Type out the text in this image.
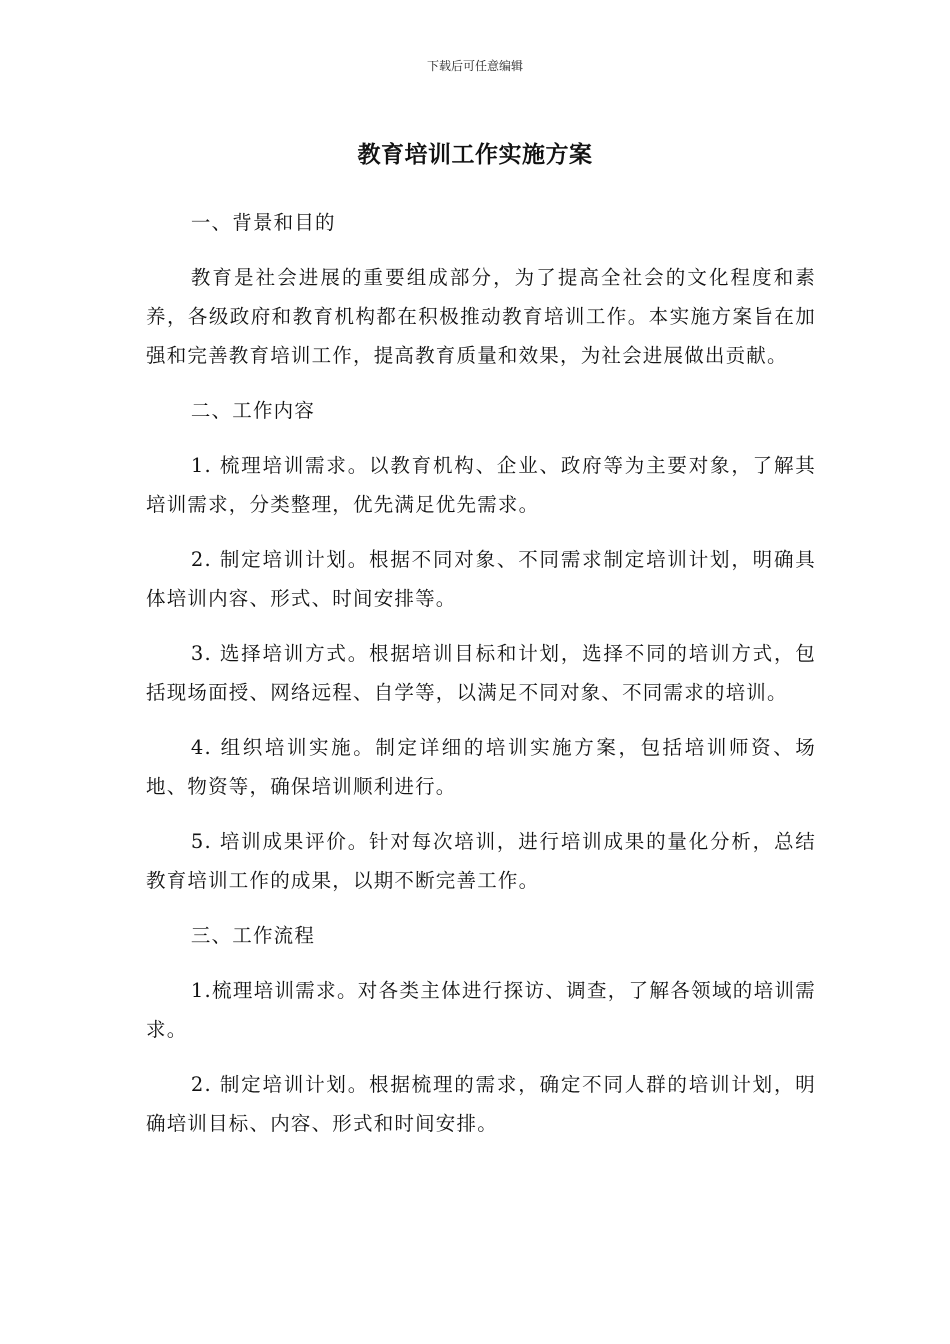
下载后可任意编辑
教育培训工作实施方案

一、背景和目的

教育是社会进展的重要组成部分，为了提高全社会的文化程度和素养，各级政府和教育机构都在积极推动教育培训工作。本实施方案旨在加强和完善教育培训工作，提高教育质量和效果，为社会进展做出贡献。

二、工作内容

1. 梳理培训需求。以教育机构、企业、政府等为主要对象，了解其培训需求，分类整理，优先满足优先需求。

2. 制定培训计划。根据不同对象、不同需求制定培训计划，明确具体培训内容、形式、时间安排等。

3. 选择培训方式。根据培训目标和计划，选择不同的培训方式，包括现场面授、网络远程、自学等，以满足不同对象、不同需求的培训。

4. 组织培训实施。制定详细的培训实施方案，包括培训师资、场地、物资等，确保培训顺利进行。

5. 培训成果评价。针对每次培训，进行培训成果的量化分析，总结教育培训工作的成果，以期不断完善工作。

三、工作流程

1.梳理培训需求。对各类主体进行探访、调查，了解各领域的培训需求。

2. 制定培训计划。根据梳理的需求，确定不同人群的培训计划，明确培训目标、内容、形式和时间安排。
